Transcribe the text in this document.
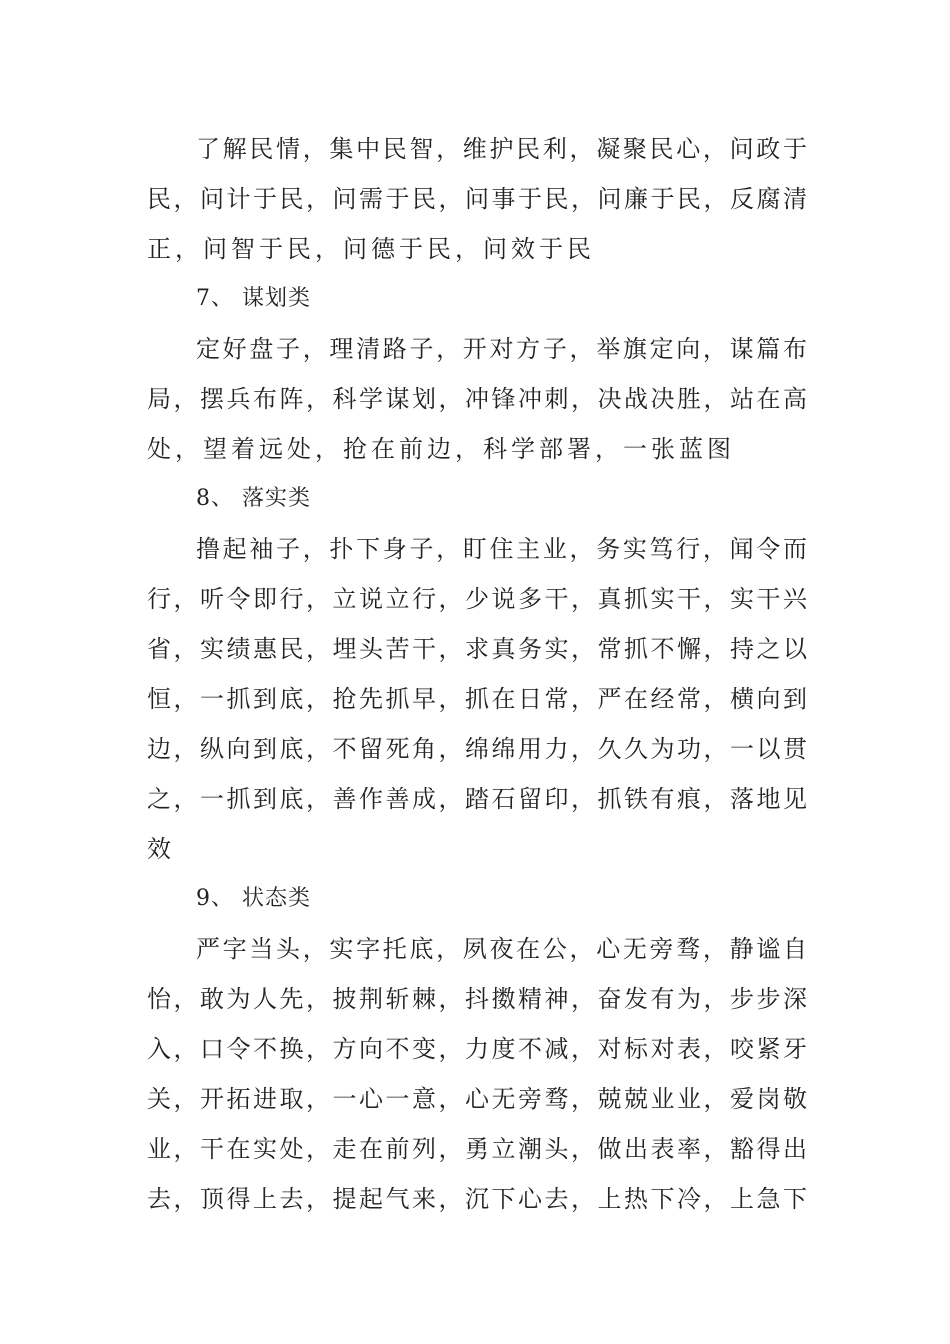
了解民情，集中民智，维护民利，凝聚民心，问政于
民，问计于民，问需于民，问事于民，问廉于民，反腐清
正，问智于民，问德于民，问效于民
7、 谋划类
定好盘子，理清路子，开对方子，举旗定向，谋篇布
局，摆兵布阵，科学谋划，冲锋冲刺，决战决胜，站在高
处，望着远处，抢在前边，科学部署，一张蓝图
8、 落实类
撸起袖子，扑下身子，盯住主业，务实笃行，闻令而
行，听令即行，立说立行，少说多干，真抓实干，实干兴
省，实绩惠民，埋头苦干，求真务实，常抓不懈，持之以
恒，一抓到底，抢先抓早，抓在日常，严在经常，横向到
边，纵向到底，不留死角，绵绵用力，久久为功，一以贯
之，一抓到底，善作善成，踏石留印，抓铁有痕，落地见
效
9、 状态类
严字当头，实字托底，夙夜在公，心无旁骛，静谧自
怡，敢为人先，披荆斩棘，抖擞精神，奋发有为，步步深
入，口令不换，方向不变，力度不减，对标对表，咬紧牙
关，开拓进取，一心一意，心无旁骛，兢兢业业，爱岗敬
业，干在实处，走在前列，勇立潮头，做出表率，豁得出
去，顶得上去，提起气来，沉下心去，上热下冷，上急下
